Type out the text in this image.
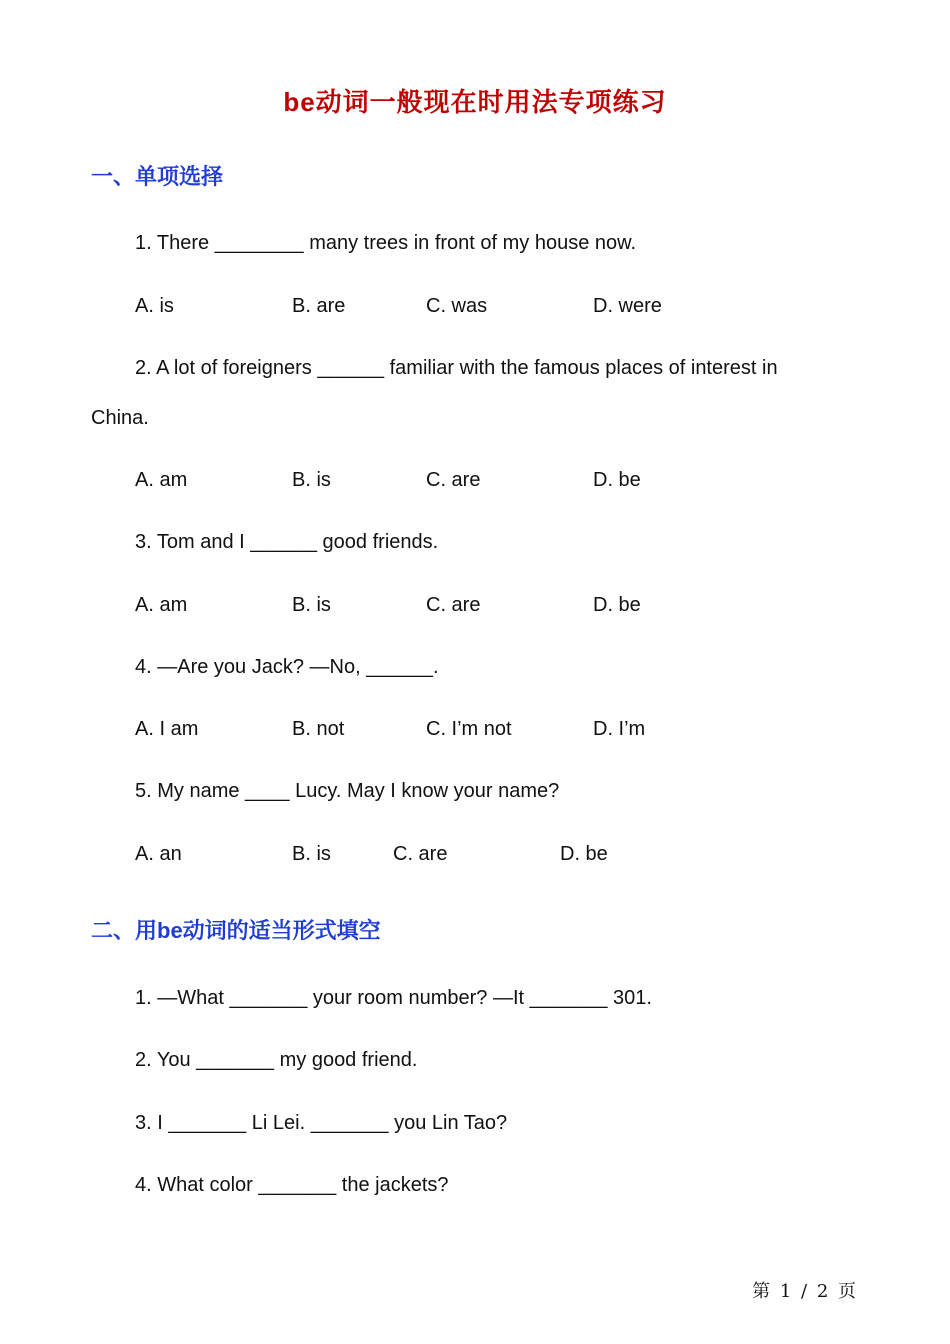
be动词一般现在时用法专项练习
一、单项选择
1. There ________ many trees in front of my house now.
A. is	B. are	C. was	D. were
2. A lot of foreigners ______ familiar with the famous places of interest in
China.
A. am	B. is	C. are	D. be
3. Tom and I ______ good friends.
A. am	B. is	C. are	D. be
4. —Are you Jack? —No, ______.
A. I am	B. not	C. I’m not	D. I’m
5. My name ____ Lucy. May I know your name?
A. an	B. is	C. are	D. be
二、用be动词的适当形式填空
1. —What _______ your room number? —It _______ 301.
2. You _______ my good friend.
3. I _______ Li Lei. _______ you Lin Tao?
4. What color _______ the jackets?
第 1 / 2 页
